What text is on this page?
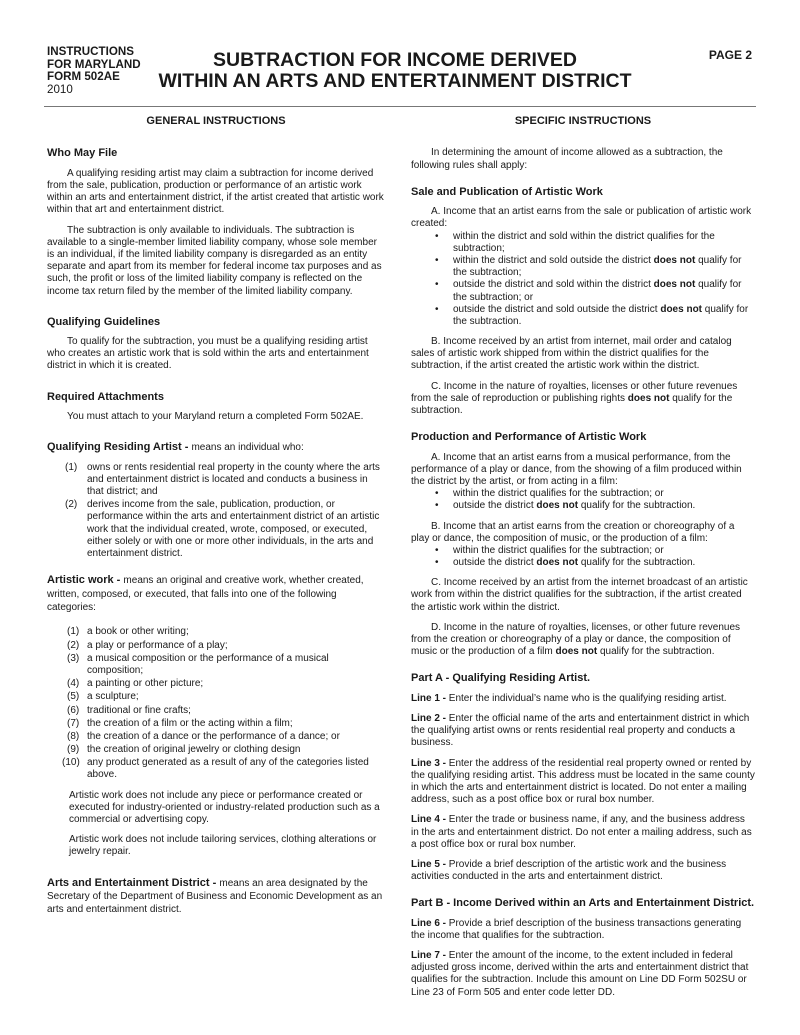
INSTRUCTIONS
FOR MARYLAND
FORM 502AE
2010
SUBTRACTION FOR INCOME DERIVED
WITHIN AN ARTS AND ENTERTAINMENT DISTRICT
PAGE 2
GENERAL INSTRUCTIONS
Who May File

A qualifying residing artist may claim a subtraction for income derived from the sale, publication, production or performance of an artistic work within an arts and entertainment district, if the artist created that artistic work within that art and entertainment district.

The subtraction is only available to individuals. The subtraction is available to a single-member limited liability company, whose sole member is an individual, if the limited liability company is disregarded as an entity separate and apart from its member for federal income tax purposes and as such, the profit or loss of the limited liability company is reflected on the income tax return filed by the member of the limited liability company.

Qualifying Guidelines

To qualify for the subtraction, you must be a qualifying residing artist who creates an artistic work that is sold within the arts and entertainment district in which it is created.

Required Attachments

You must attach to your Maryland return a completed Form 502AE.

Qualifying Residing Artist - means an individual who:
(1) owns or rents residential real property in the county where the arts and entertainment district is located and conducts a business in that district; and
(2) derives income from the sale, publication, production, or performance within the arts and entertainment district of an artistic work that the individual created, wrote, composed, or executed, either solely or with one or more other individuals, in the arts and entertainment district.
Artistic work - means an original and creative work, whether created, written, composed, or executed, that falls into one of the following categories:
(1) a book or other writing;
(2) a play or performance of a play;
(3) a musical composition or the performance of a musical composition;
(4) a painting or other picture;
(5) a sculpture;
(6) traditional or fine crafts;
(7) the creation of a film or the acting within a film;
(8) the creation of a dance or the performance of a dance; or
(9) the creation of original jewelry or clothing design
(10) any product generated as a result of any of the categories listed above.

Artistic work does not include any piece or performance created or executed for industry-oriented or industry-related production such as a commercial or advertising copy.

Artistic work does not include tailoring services, clothing alterations or jewelry repair.

Arts and Entertainment District - means an area designated by the Secretary of the Department of Business and Economic Development as an arts and entertainment district.
SPECIFIC INSTRUCTIONS

In determining the amount of income allowed as a subtraction, the following rules shall apply:

Sale and Publication of Artistic Work

A. Income that an artist earns from the sale or publication of artistic work created:

• within the district and sold within the district qualifies for the subtraction;
• within the district and sold outside the district does not qualify for the subtraction;
• outside the district and sold within the district does not qualify for the subtraction; or
• outside the district and sold outside the district does not qualify for the subtraction.

B. Income received by an artist from internet, mail order and catalog sales of artistic work shipped from within the district qualifies for the subtraction, if the artist created the artistic work within the district.

C. Income in the nature of royalties, licenses or other future revenues from the sale of reproduction or publishing rights does not qualify for the subtraction.

Production and Performance of Artistic Work

A. Income that an artist earns from a musical performance, from the performance of a play or dance, from the showing of a film produced within the district by the artist, or from acting in a film:

• within the district qualifies for the subtraction; or
• outside the district does not qualify for the subtraction.

B. Income that an artist earns from the creation or choreography of a play or dance, the composition of music, or the production of a film:

• within the district qualifies for the subtraction; or
• outside the district does not qualify for the subtraction.

C. Income received by an artist from the internet broadcast of an artistic work from within the district qualifies for the subtraction, if the artist created the artistic work within the district.

D. Income in the nature of royalties, licenses, or other future revenues from the creation or choreography of a play or dance, the composition of music or the production of a film does not qualify for the subtraction.

Part A - Qualifying Residing Artist.

Line 1 - Enter the individual’s name who is the qualifying residing artist.

Line 2 - Enter the official name of the arts and entertainment district in which the qualifying artist owns or rents residential real property and conducts a business.

Line 3 - Enter the address of the residential real property owned or rented by the qualifying residing artist. This address must be located in the same county in which the arts and entertainment district is located. Do not enter a mailing address, such as a post office box or rural box number.

Line 4 - Enter the trade or business name, if any, and the business address in the arts and entertainment district. Do not enter a mailing address, such as a post office box or rural box number.

Line 5 - Provide a brief description of the artistic work and the business activities conducted in the arts and entertainment district.

Part B - Income Derived within an Arts and Entertainment District.

Line 6 - Provide a brief description of the business transactions generating the income that qualifies for the subtraction.

Line 7 - Enter the amount of the income, to the extent included in federal adjusted gross income, derived within the arts and entertainment district that qualifies for the subtraction. Include this amount on Line DD Form 502SU or Line 23 of Form 505 and enter code letter DD.
